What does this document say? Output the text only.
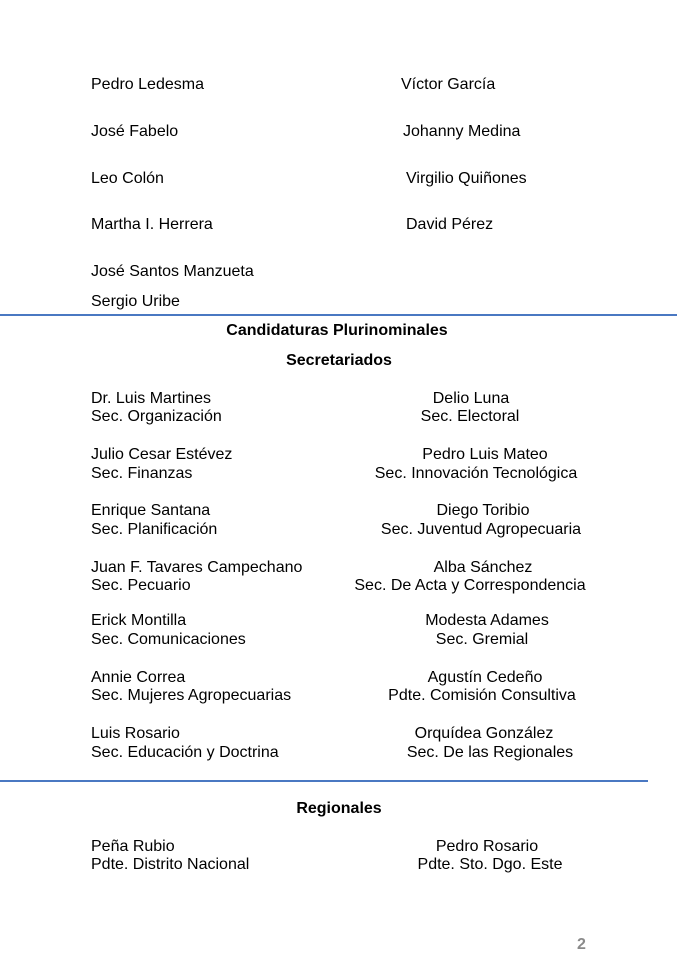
Pedro Ledesma
José Fabelo
Leo Colón
Martha I. Herrera
José Santos Manzueta
Sergio Uribe
Víctor García
Johanny Medina
Virgilio Quiñones
David Pérez
Candidaturas Plurinominales
Secretariados
Dr. Luis Martines
Sec. Organización
Delio Luna
Sec. Electoral
Julio Cesar Estévez
Sec. Finanzas
Pedro Luis Mateo
Sec. Innovación Tecnológica
Enrique Santana
Sec. Planificación
Diego Toribio
Sec. Juventud Agropecuaria
Juan F. Tavares Campechano
Sec. Pecuario
Alba Sánchez
Sec. De Acta y Correspondencia
Erick Montilla
Sec. Comunicaciones
Modesta Adames
Sec. Gremial
Annie Correa
Sec. Mujeres Agropecuarias
Agustín Cedeño
Pdte. Comisión Consultiva
Luis Rosario
Sec. Educación y Doctrina
Orquídea González
Sec. De las Regionales
Regionales
Peña Rubio
Pdte. Distrito Nacional
Pedro Rosario
Pdte. Sto. Dgo. Este
2
